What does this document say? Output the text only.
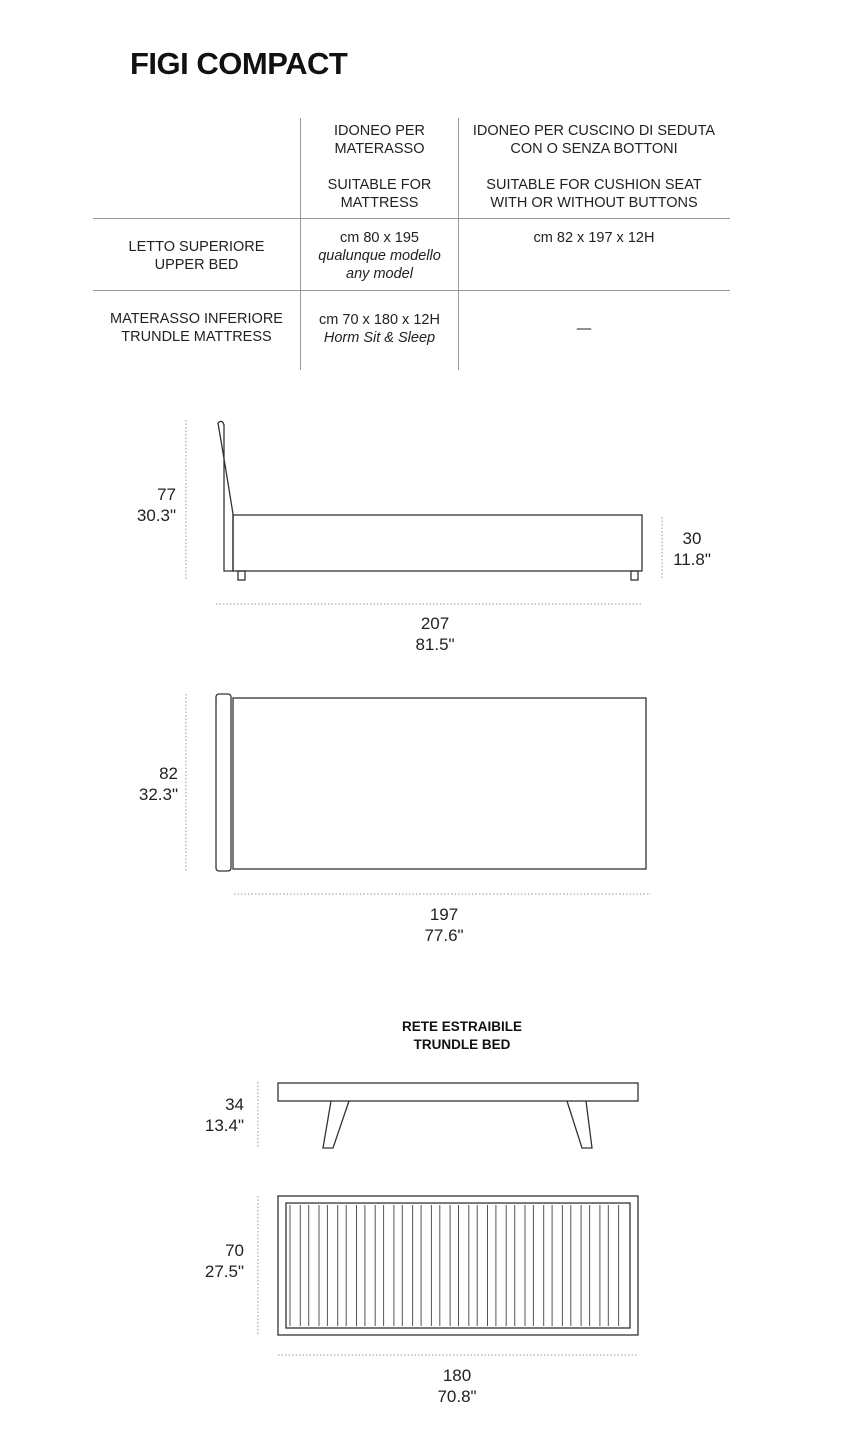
FIGI COMPACT
IDONEO PER
MATERASSO
SUITABLE FOR
MATTRESS
IDONEO PER CUSCINO DI SEDUTA
CON O SENZA BOTTONI
SUITABLE FOR CUSHION SEAT
WITH OR WITHOUT BUTTONS
LETTO SUPERIORE
UPPER BED
cm 80 x 195
qualunque modello
any model
cm 82 x 197 x 12H
MATERASSO INFERIORE
TRUNDLE MATTRESS
cm 70 x 180 x 12H
Horm Sit & Sleep
—
77
30.3"
30
11.8"
207
81.5"
82
32.3"
197
77.6"
RETE ESTRAIBILE
TRUNDLE BED
34
13.4"
70
27.5"
180
70.8"
